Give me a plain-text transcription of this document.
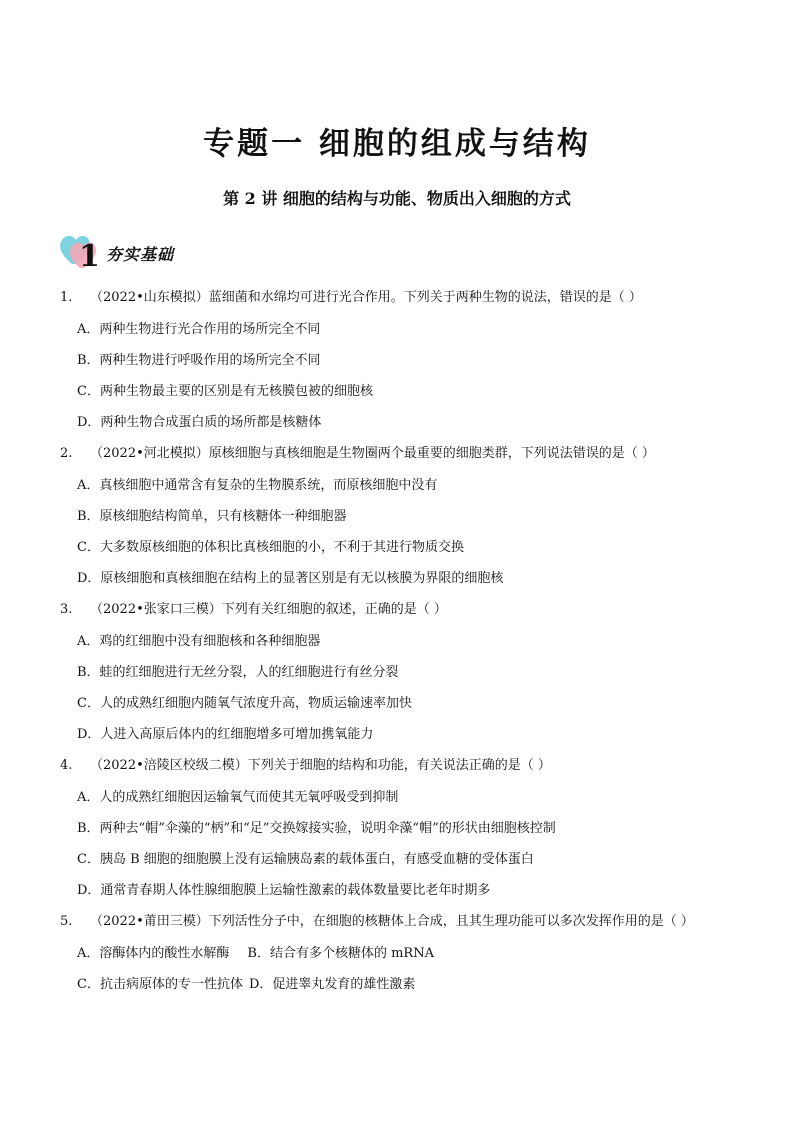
专题一 细胞的组成与结构
第 2 讲 细胞的结构与功能、物质出入细胞的方式
1 夯实基础
1. （2022•山东模拟）蓝细菌和水绵均可进行光合作用。下列关于两种生物的说法，错误的是（ ）
A．两种生物进行光合作用的场所完全不同
B．两种生物进行呼吸作用的场所完全不同
C．两种生物最主要的区别是有无核膜包被的细胞核
D．两种生物合成蛋白质的场所都是核糖体
2. （2022•河北模拟）原核细胞与真核细胞是生物圈两个最重要的细胞类群，下列说法错误的是（ ）
A．真核细胞中通常含有复杂的生物膜系统，而原核细胞中没有
B．原核细胞结构简单，只有核糖体一种细胞器
C．大多数原核细胞的体积比真核细胞的小，不利于其进行物质交换
D．原核细胞和真核细胞在结构上的显著区别是有无以核膜为界限的细胞核
3. （2022•张家口三模）下列有关红细胞的叙述，正确的是（ ）
A．鸡的红细胞中没有细胞核和各种细胞器
B．蛙的红细胞进行无丝分裂，人的红细胞进行有丝分裂
C．人的成熟红细胞内随氧气浓度升高，物质运输速率加快
D．人进入高原后体内的红细胞增多可增加携氧能力
4. （2022•涪陵区校级二模）下列关于细胞的结构和功能，有关说法正确的是（ ）
A．人的成熟红细胞因运输氧气而使其无氧呼吸受到抑制
B．两种去“帽”伞藻的“柄”和“足”交换嫁接实验，说明伞藻“帽”的形状由细胞核控制
C．胰岛 B 细胞的细胞膜上没有运输胰岛素的载体蛋白，有感受血糖的受体蛋白
D．通常青春期人体性腺细胞膜上运输性激素的载体数量要比老年时期多
5. （2022•莆田三模）下列活性分子中，在细胞的核糖体上合成，且其生理功能可以多次发挥作用的是（ ）
A．溶酶体内的酸性水解酶 B．结合有多个核糖体的 mRNA
C．抗击病原体的专一性抗体 D．促进睾丸发育的雄性激素
